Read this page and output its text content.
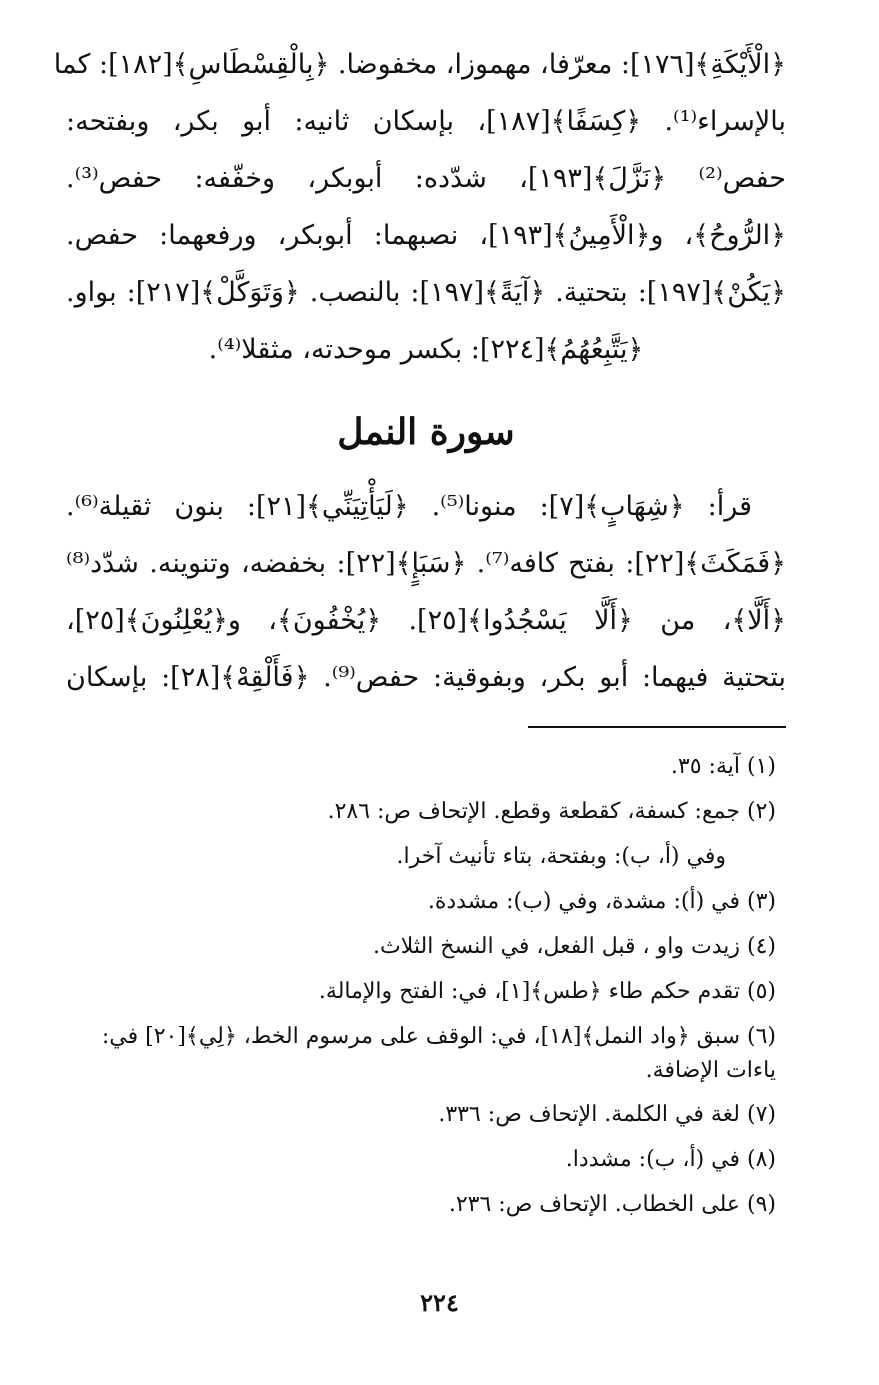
﴿الْأَيْكَةِ﴾[١٧٦]: معرّفا، مهموزا، مخفوضا. ﴿بِالْقِسْطَاسِ﴾[١٨٢]: كما
بالإسراء⁽¹⁾. ﴿كِسَفًا﴾[١٨٧]، بإسكان ثانيه: أبو بكر، وبفتحه:
حفص⁽²⁾ ﴿نَزَّلَ﴾[١٩٣]، شدّده: أبوبكر، وخفّفه: حفص⁽³⁾.
﴿الرُّوحُ﴾، و﴿الْأَمِينُ﴾[١٩٣]، نصبهما: أبوبكر، ورفعهما: حفص.
﴿يَكُنْ﴾[١٩٧]: بتحتية. ﴿آيَةً﴾[١٩٧]: بالنصب. ﴿وَتَوَكَّلْ﴾[٢١٧]: بواو.
﴿يَتَّبِعُهُمُ﴾[٢٢٤]: بكسر موحدته، مثقلا⁽⁴⁾.
سورة النمل
قرأ: ﴿شِهَابٍ﴾[٧]: منونا⁽⁵⁾. ﴿لَيَأْتِيَنِّي﴾[٢١]: بنون ثقيلة⁽⁶⁾.
﴿فَمَكَثَ﴾[٢٢]: بفتح كافه⁽⁷⁾. ﴿سَبَإٍ﴾[٢٢]: بخفضه، وتنوينه. شدّد⁽⁸⁾
﴿أَلَّا﴾، من ﴿أَلَّا يَسْجُدُوا﴾[٢٥]. ﴿يُخْفُونَ﴾، و﴿يُعْلِنُونَ﴾[٢٥]،
بتحتية فيهما: أبو بكر، وبفوقية: حفص⁽⁹⁾. ﴿فَأَلْقِهْ﴾[٢٨]: بإسكان
(١) آية: ٣٥.
(٢) جمع: كسفة، كقطعة وقطع. الإتحاف ص: ٢٨٦.
وفي (أ، ب): وبفتحة، بتاء تأنيث آخرا.
(٣) في (أ): مشدة، وفي (ب): مشددة.
(٤) زيدت واو ، قبل الفعل، في النسخ الثلاث.
(٥) تقدم حكم طاء ﴿طس﴾[١]، في: الفتح والإمالة.
(٦) سبق ﴿واد النمل﴾[١٨]، في: الوقف على مرسوم الخط، ﴿لِي﴾[٢٠] في: ياءات الإضافة.
(٧) لغة في الكلمة. الإتحاف ص: ٣٣٦.
(٨) في (أ، ب): مشددا.
(٩) على الخطاب. الإتحاف ص: ٢٣٦.
٢٢٤
